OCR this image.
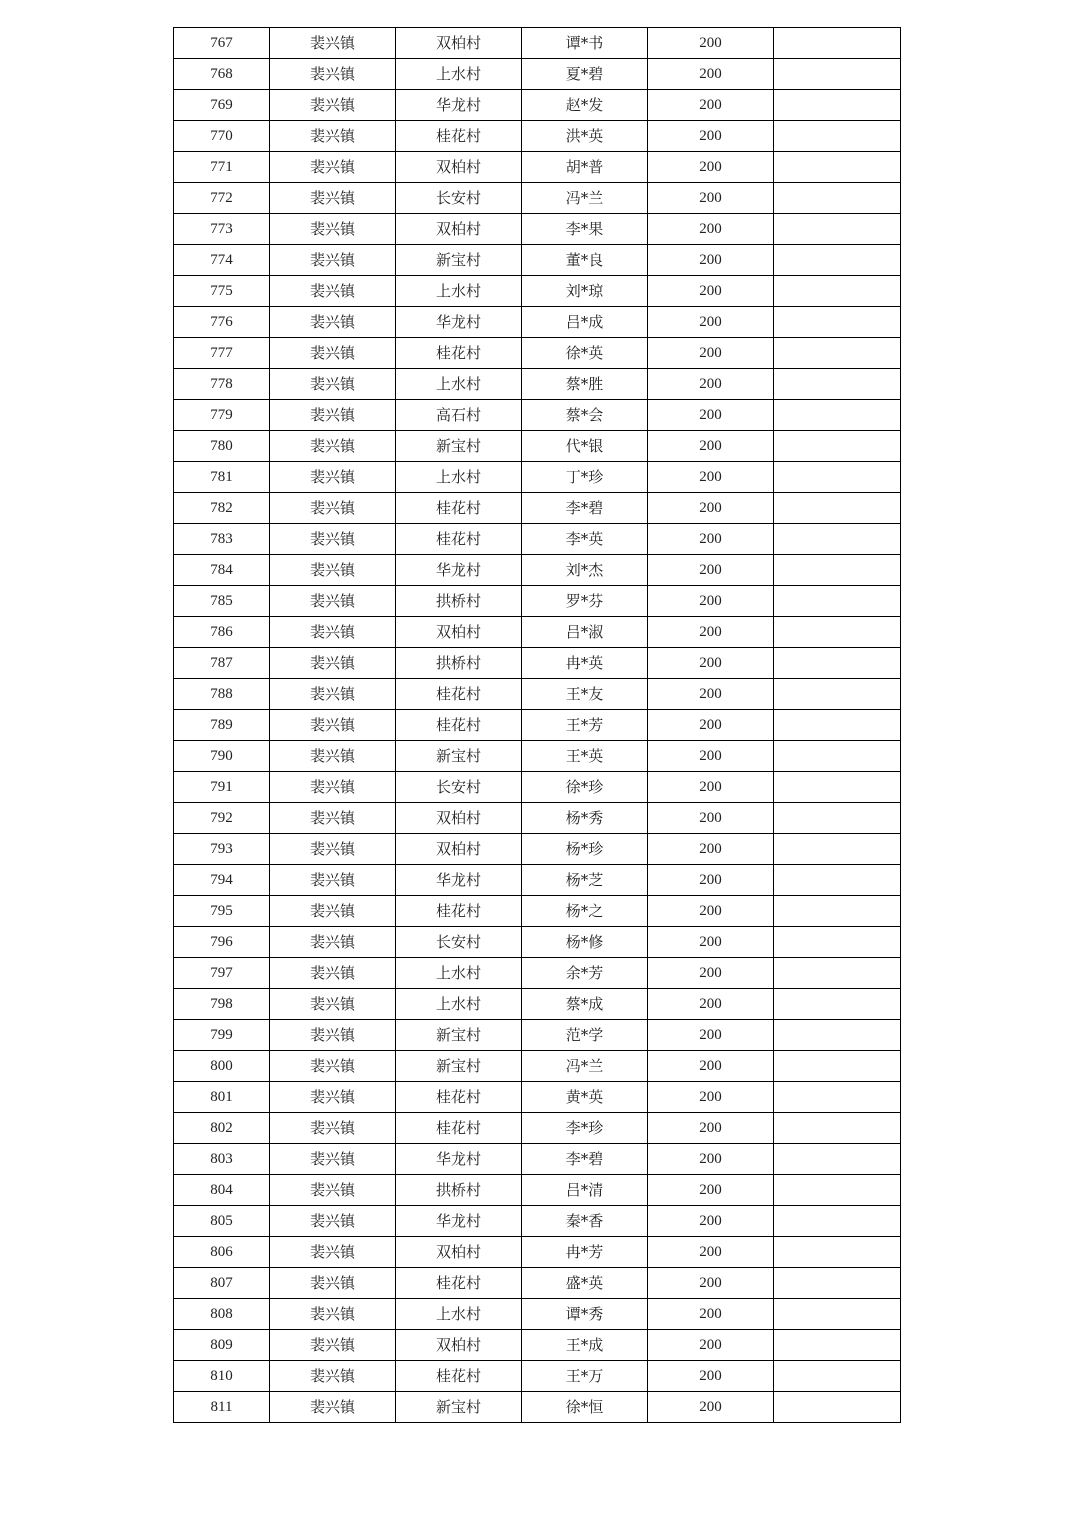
767	裴兴镇	双柏村	谭*书	200	
768	裴兴镇	上水村	夏*碧	200	
769	裴兴镇	华龙村	赵*发	200	
770	裴兴镇	桂花村	洪*英	200	
771	裴兴镇	双柏村	胡*普	200	
772	裴兴镇	长安村	冯*兰	200	
773	裴兴镇	双柏村	李*果	200	
774	裴兴镇	新宝村	董*良	200	
775	裴兴镇	上水村	刘*琼	200	
776	裴兴镇	华龙村	吕*成	200	
777	裴兴镇	桂花村	徐*英	200	
778	裴兴镇	上水村	蔡*胜	200	
779	裴兴镇	高石村	蔡*会	200	
780	裴兴镇	新宝村	代*银	200	
781	裴兴镇	上水村	丁*珍	200	
782	裴兴镇	桂花村	李*碧	200	
783	裴兴镇	桂花村	李*英	200	
784	裴兴镇	华龙村	刘*杰	200	
785	裴兴镇	拱桥村	罗*芬	200	
786	裴兴镇	双柏村	吕*淑	200	
787	裴兴镇	拱桥村	冉*英	200	
788	裴兴镇	桂花村	王*友	200	
789	裴兴镇	桂花村	王*芳	200	
790	裴兴镇	新宝村	王*英	200	
791	裴兴镇	长安村	徐*珍	200	
792	裴兴镇	双柏村	杨*秀	200	
793	裴兴镇	双柏村	杨*珍	200	
794	裴兴镇	华龙村	杨*芝	200	
795	裴兴镇	桂花村	杨*之	200	
796	裴兴镇	长安村	杨*修	200	
797	裴兴镇	上水村	余*芳	200	
798	裴兴镇	上水村	蔡*成	200	
799	裴兴镇	新宝村	范*学	200	
800	裴兴镇	新宝村	冯*兰	200	
801	裴兴镇	桂花村	黄*英	200	
802	裴兴镇	桂花村	李*珍	200	
803	裴兴镇	华龙村	李*碧	200	
804	裴兴镇	拱桥村	吕*清	200	
805	裴兴镇	华龙村	秦*香	200	
806	裴兴镇	双柏村	冉*芳	200	
807	裴兴镇	桂花村	盛*英	200	
808	裴兴镇	上水村	谭*秀	200	
809	裴兴镇	双柏村	王*成	200	
810	裴兴镇	桂花村	王*万	200	
811	裴兴镇	新宝村	徐*恒	200	
